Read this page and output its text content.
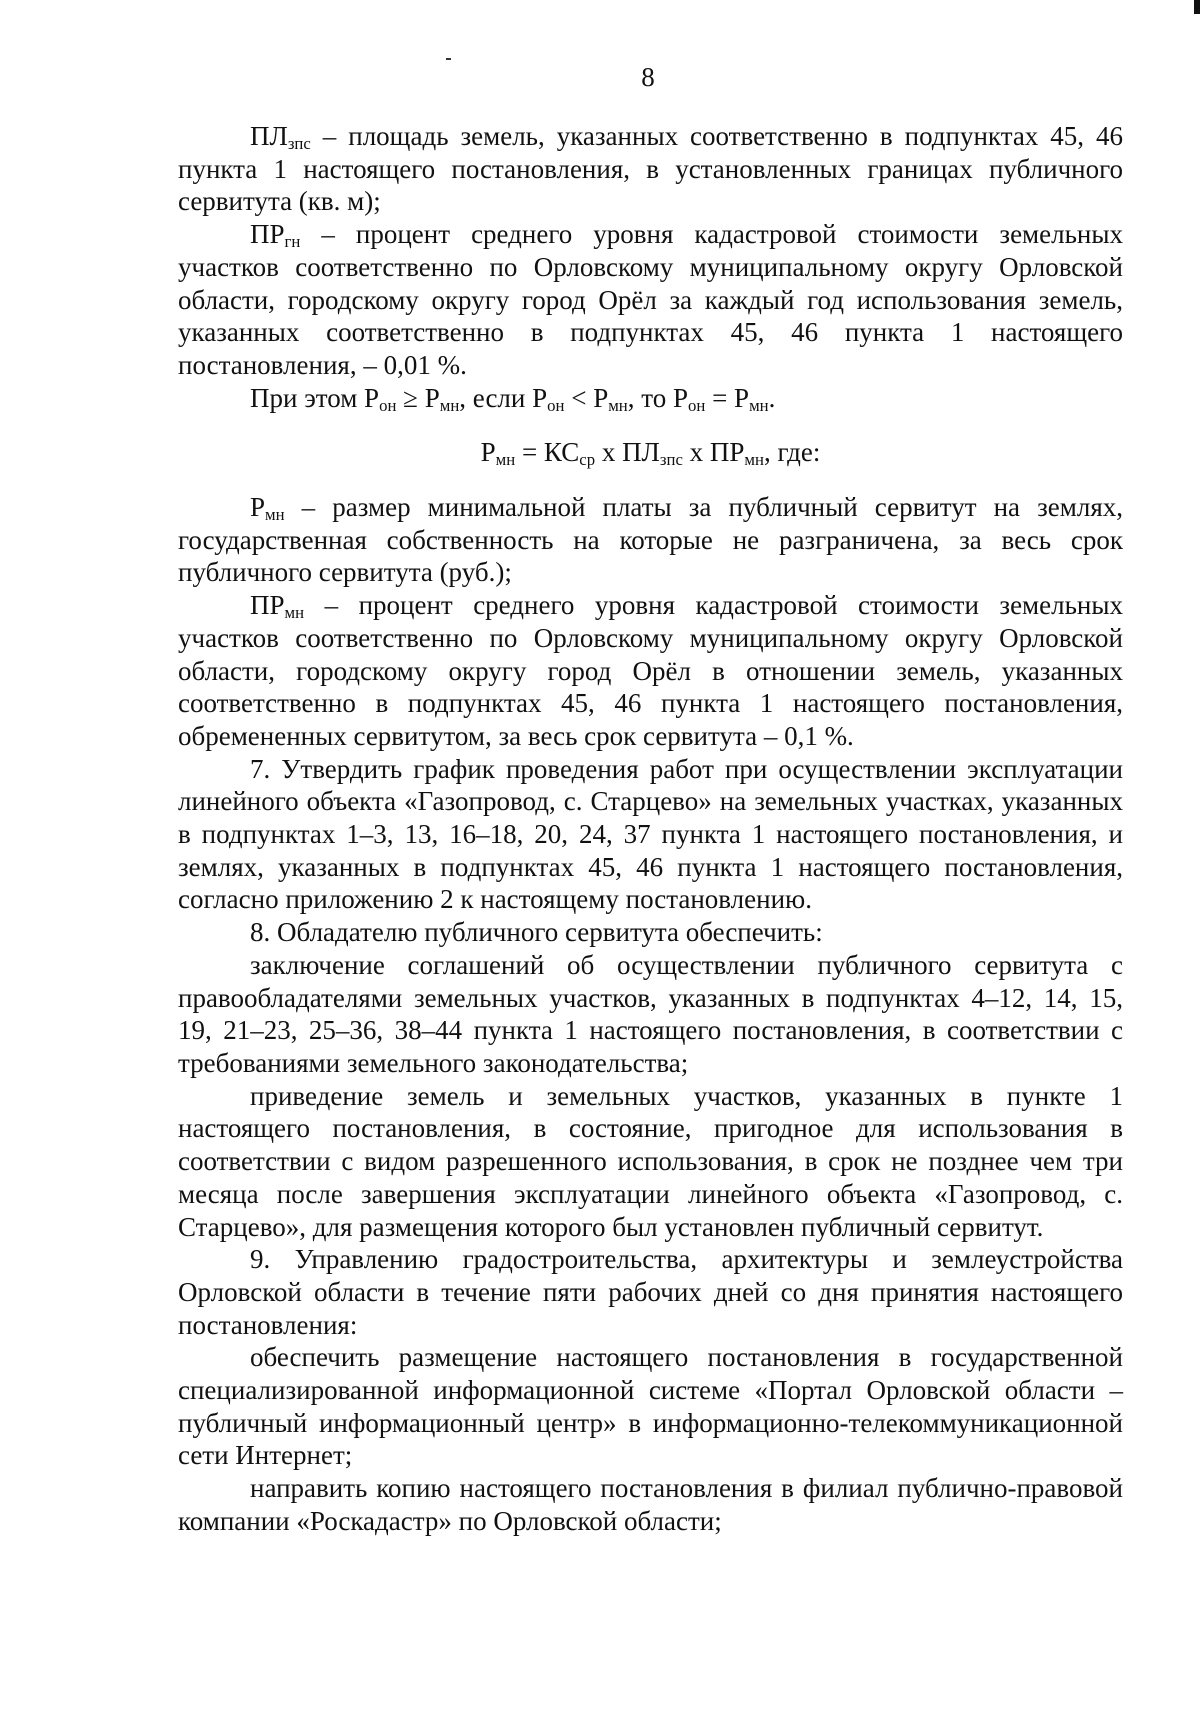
8

$ПЛ_{зпс}$ – площадь земель, указанных соответственно в подпунктах 45, 46 пункта 1 настоящего постановления, в установленных границах публичного сервитута (кв. м);

$ПР_{гн}$ – процент среднего уровня кадастровой стоимости земельных участков соответственно по Орловскому муниципальному округу Орловской области, городскому округу город Орёл за каждый год использования земель, указанных соответственно в подпунктах 45, 46 пункта 1 настоящего постановления, – 0,01 %.

При этом $Р_{он} \ge Р_{мн}$, если $Р_{он} < Р_{мн}$, то $Р_{он} = Р_{мн}$.

$Р_{мн} = КС_{ср}$ х $ПЛ_{зпс}$ х $ПР_{мн}$, где:

$Р_{мн}$ – размер минимальной платы за публичный сервитут на землях, государственная собственность на которые не разграничена, за весь срок публичного сервитута (руб.);

$ПР_{мн}$ – процент среднего уровня кадастровой стоимости земельных участков соответственно по Орловскому муниципальному округу Орловской области, городскому округу город Орёл в отношении земель, указанных соответственно в подпунктах 45, 46 пункта 1 настоящего постановления, обремененных сервитутом, за весь срок сервитута – 0,1 %.

7. Утвердить график проведения работ при осуществлении эксплуатации линейного объекта «Газопровод, с. Старцево» на земельных участках, указанных в подпунктах 1–3, 13, 16–18, 20, 24, 37 пункта 1 настоящего постановления, и землях, указанных в подпунктах 45, 46 пункта 1 настоящего постановления, согласно приложению 2 к настоящему постановлению.

8. Обладателю публичного сервитута обеспечить:

заключение соглашений об осуществлении публичного сервитута с правообладателями земельных участков, указанных в подпунктах 4–12, 14, 15, 19, 21–23, 25–36, 38–44 пункта 1 настоящего постановления, в соответствии с требованиями земельного законодательства;

приведение земель и земельных участков, указанных в пункте 1 настоящего постановления, в состояние, пригодное для использования в соответствии с видом разрешенного использования, в срок не позднее чем три месяца после завершения эксплуатации линейного объекта «Газопровод, с. Старцево», для размещения которого был установлен публичный сервитут.

9. Управлению градостроительства, архитектуры и землеустройства Орловской области в течение пяти рабочих дней со дня принятия настоящего постановления:

обеспечить размещение настоящего постановления в государственной специализированной информационной системе «Портал Орловской области – публичный информационный центр» в информационно-телекоммуникационной сети Интернет;

направить копию настоящего постановления в филиал публично-правовой компании «Роскадастр» по Орловской области;
